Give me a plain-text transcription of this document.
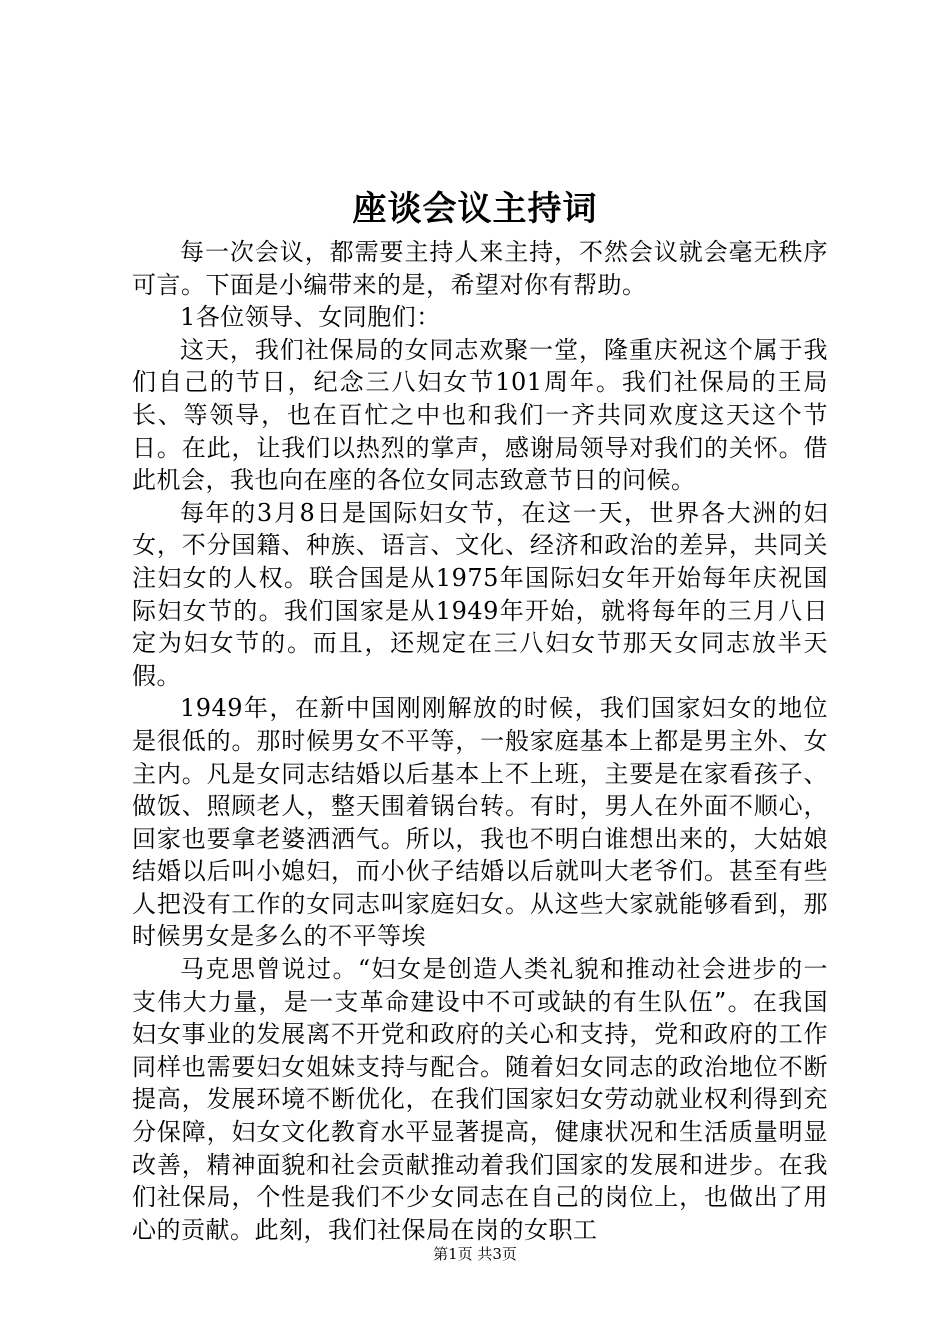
座谈会议主持词

每一次会议，都需要主持人来主持，不然会议就会毫无秩序可言。下面是小编带来的是，希望对你有帮助。

1各位领导、女同胞们：

这天，我们社保局的女同志欢聚一堂，隆重庆祝这个属于我们自己的节日，纪念三八妇女节101周年。我们社保局的王局长、等领导，也在百忙之中也和我们一齐共同欢度这天这个节日。在此，让我们以热烈的掌声，感谢局领导对我们的关怀。借此机会，我也向在座的各位女同志致意节日的问候。

每年的3月8日是国际妇女节，在这一天，世界各大洲的妇女，不分国籍、种族、语言、文化、经济和政治的差异，共同关注妇女的人权。联合国是从1975年国际妇女年开始每年庆祝国际妇女节的。我们国家是从1949年开始，就将每年的三月八日定为妇女节的。而且，还规定在三八妇女节那天女同志放半天假。

1949年，在新中国刚刚解放的时候，我们国家妇女的地位是很低的。那时候男女不平等，一般家庭基本上都是男主外、女主内。凡是女同志结婚以后基本上不上班，主要是在家看孩子、做饭、照顾老人，整天围着锅台转。有时，男人在外面不顺心，回家也要拿老婆洒洒气。所以，我也不明白谁想出来的，大姑娘结婚以后叫小媳妇，而小伙子结婚以后就叫大老爷们。甚至有些人把没有工作的女同志叫家庭妇女。从这些大家就能够看到，那时候男女是多么的不平等埃

马克思曾说过。“妇女是创造人类礼貌和推动社会进步的一支伟大力量，是一支革命建设中不可或缺的有生队伍”。在我国妇女事业的发展离不开党和政府的关心和支持，党和政府的工作同样也需要妇女姐妹支持与配合。随着妇女同志的政治地位不断提高，发展环境不断优化，在我们国家妇女劳动就业权利得到充分保障，妇女文化教育水平显著提高，健康状况和生活质量明显改善，精神面貌和社会贡献推动着我们国家的发展和进步。在我们社保局，个性是我们不少女同志在自己的岗位上，也做出了用心的贡献。此刻，我们社保局在岗的女职工

第1页 共3页
